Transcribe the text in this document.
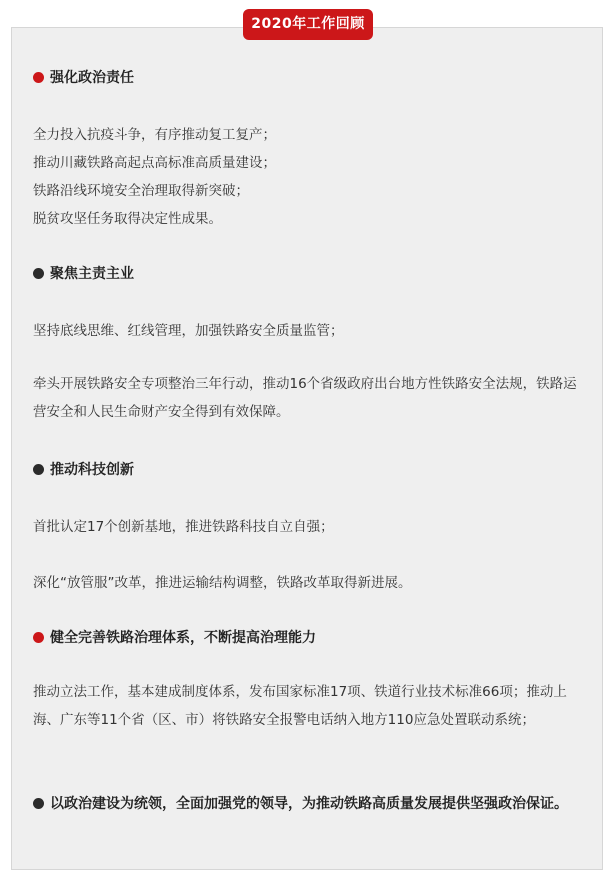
2020年工作回顾
强化政治责任
全力投入抗疫斗争，有序推动复工复产；
推动川藏铁路高起点高标准高质量建设；
铁路沿线环境安全治理取得新突破；
脱贫攻坚任务取得决定性成果。
聚焦主责主业
坚持底线思维、红线管理，加强铁路安全质量监管；
牵头开展铁路安全专项整治三年行动，推动16个省级政府出台地方性铁路安全法规，铁路运营安全和人民生命财产安全得到有效保障。
推动科技创新
首批认定17个创新基地，推进铁路科技自立自强；
深化“放管服”改革，推进运输结构调整，铁路改革取得新进展。
健全完善铁路治理体系，不断提高治理能力
推动立法工作，基本建成制度体系，发布国家标准17项、铁道行业技术标准66项；推动上海、广东等11个省（区、市）将铁路安全报警电话纳入地方110应急处置联动系统；
以政治建设为统领，全面加强党的领导，为推动铁路高质量发展提供坚强政治保证。
